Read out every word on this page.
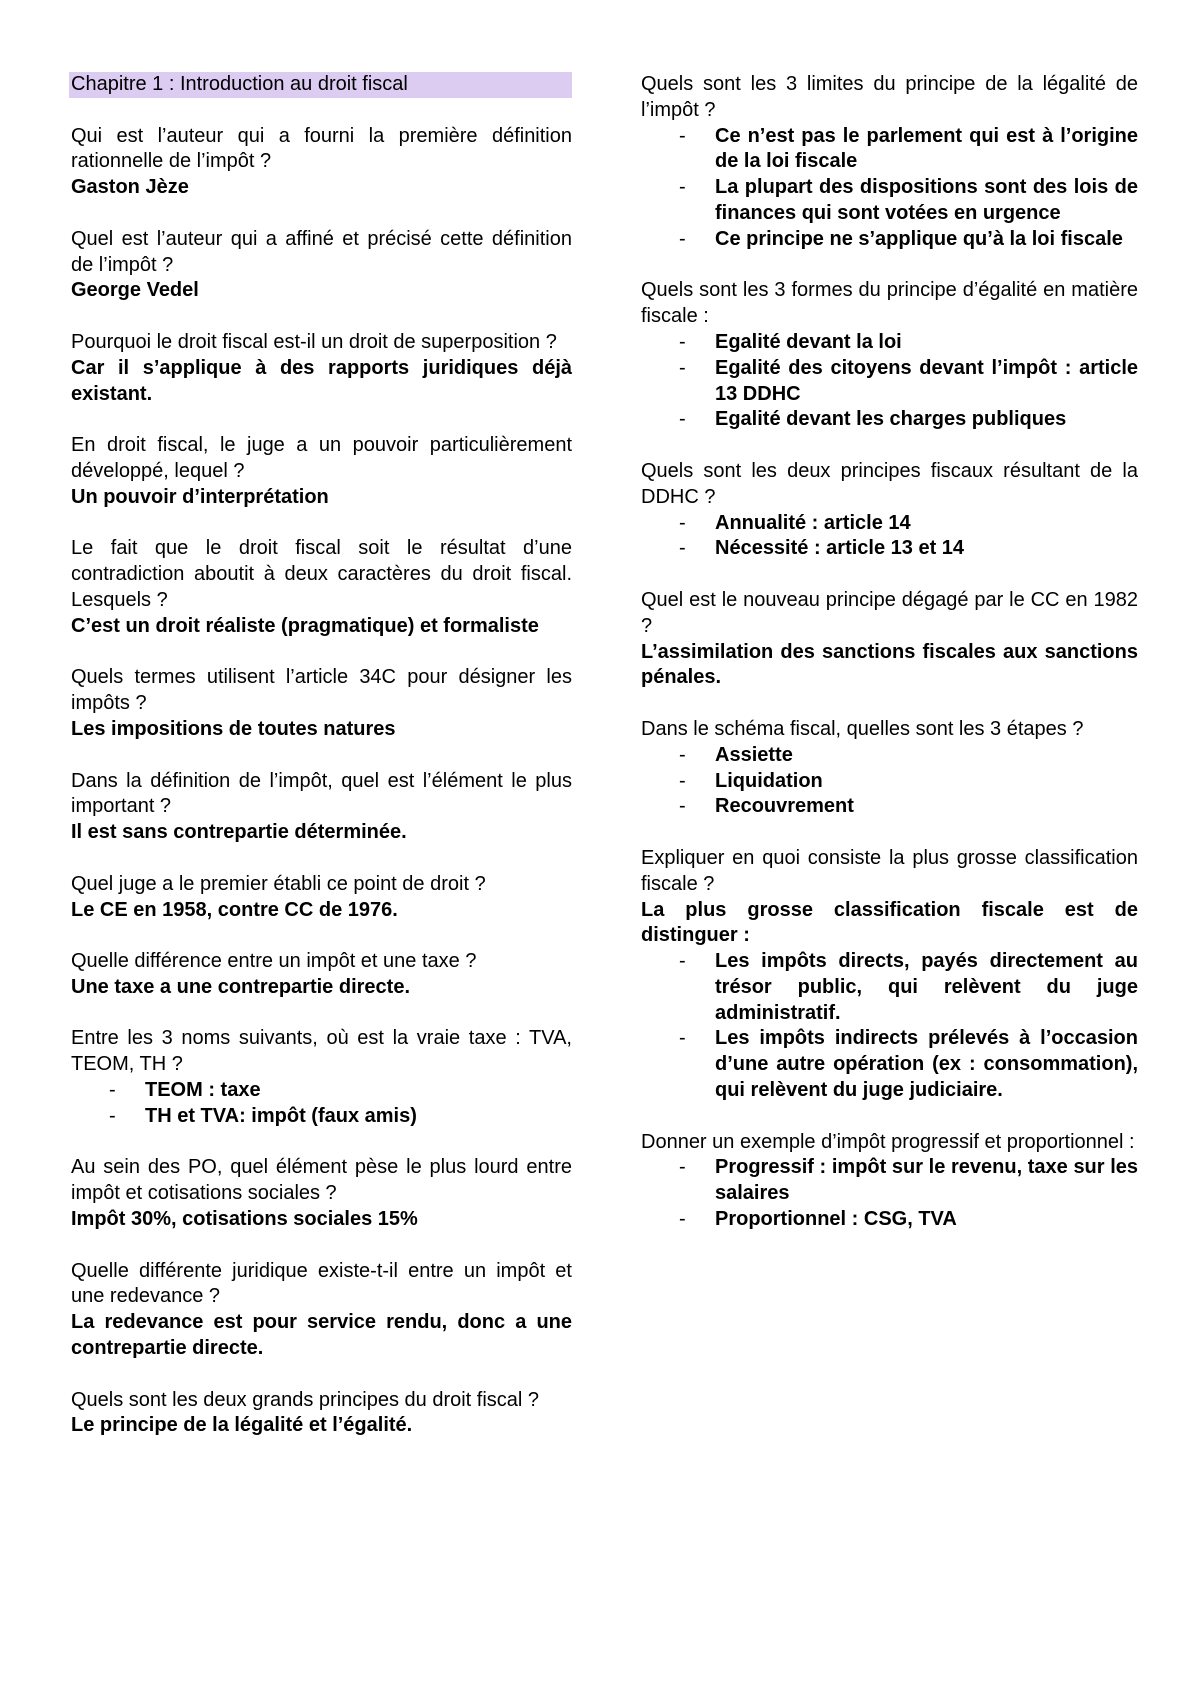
Chapitre 1 : Introduction au droit fiscal
Qui est l’auteur qui a fourni la première définition rationnelle de l’impôt ?
Gaston Jèze
Quel est l’auteur qui a affiné et précisé cette définition de l’impôt ?
George Vedel
Pourquoi le droit fiscal est-il un droit de superposition ?
Car il s’applique à des rapports juridiques déjà existant.
En droit fiscal, le juge a un pouvoir particulièrement développé, lequel ?
Un pouvoir d’interprétation
Le fait que le droit fiscal soit le résultat d’une contradiction aboutit à deux caractères du droit fiscal. Lesquels ?
C’est un droit réaliste (pragmatique) et formaliste
Quels termes utilisent l’article 34C pour désigner les impôts ?
Les impositions de toutes natures
Dans la définition de l’impôt, quel est l’élément le plus important ?
Il est sans contrepartie déterminée.
Quel juge a le premier établi ce point de droit ?
Le CE en 1958, contre CC de 1976.
Quelle différence entre un impôt et une taxe ?
Une taxe a une contrepartie directe.
Entre les 3 noms suivants, où est la vraie taxe : TVA, TEOM, TH ?
- TEOM : taxe
- TH et TVA: impôt (faux amis)
Au sein des PO, quel élément pèse le plus lourd entre impôt et cotisations sociales ?
Impôt 30%, cotisations sociales 15%
Quelle différente juridique existe-t-il entre un impôt et une redevance ?
La redevance est pour service rendu, donc a une contrepartie directe.
Quels sont les deux grands principes du droit fiscal ?
Le principe de la légalité et l’égalité.
Quels sont les 3 limites du principe de la légalité de l’impôt ?
- Ce n’est pas le parlement qui est à l’origine de la loi fiscale
- La plupart des dispositions sont des lois de finances qui sont votées en urgence
- Ce principe ne s’applique qu’à la loi fiscale
Quels sont les 3 formes du principe d’égalité en matière fiscale :
- Egalité devant la loi
- Egalité des citoyens devant l’impôt : article 13 DDHC
- Egalité devant les charges publiques
Quels sont les deux principes fiscaux résultant de la DDHC ?
- Annualité : article 14
- Nécessité : article 13 et 14
Quel est le nouveau principe dégagé par le CC en 1982 ?
L’assimilation des sanctions fiscales aux sanctions pénales.
Dans le schéma fiscal, quelles sont les 3 étapes ?
- Assiette
- Liquidation
- Recouvrement
Expliquer en quoi consiste la plus grosse classification fiscale ?
La plus grosse classification fiscale est de distinguer :
- Les impôts directs, payés directement au trésor public, qui relèvent du juge administratif.
- Les impôts indirects prélevés à l’occasion d’une autre opération (ex : consommation), qui relèvent du juge judiciaire.
Donner un exemple d’impôt progressif et proportionnel :
- Progressif : impôt sur le revenu, taxe sur les salaires
- Proportionnel : CSG, TVA
